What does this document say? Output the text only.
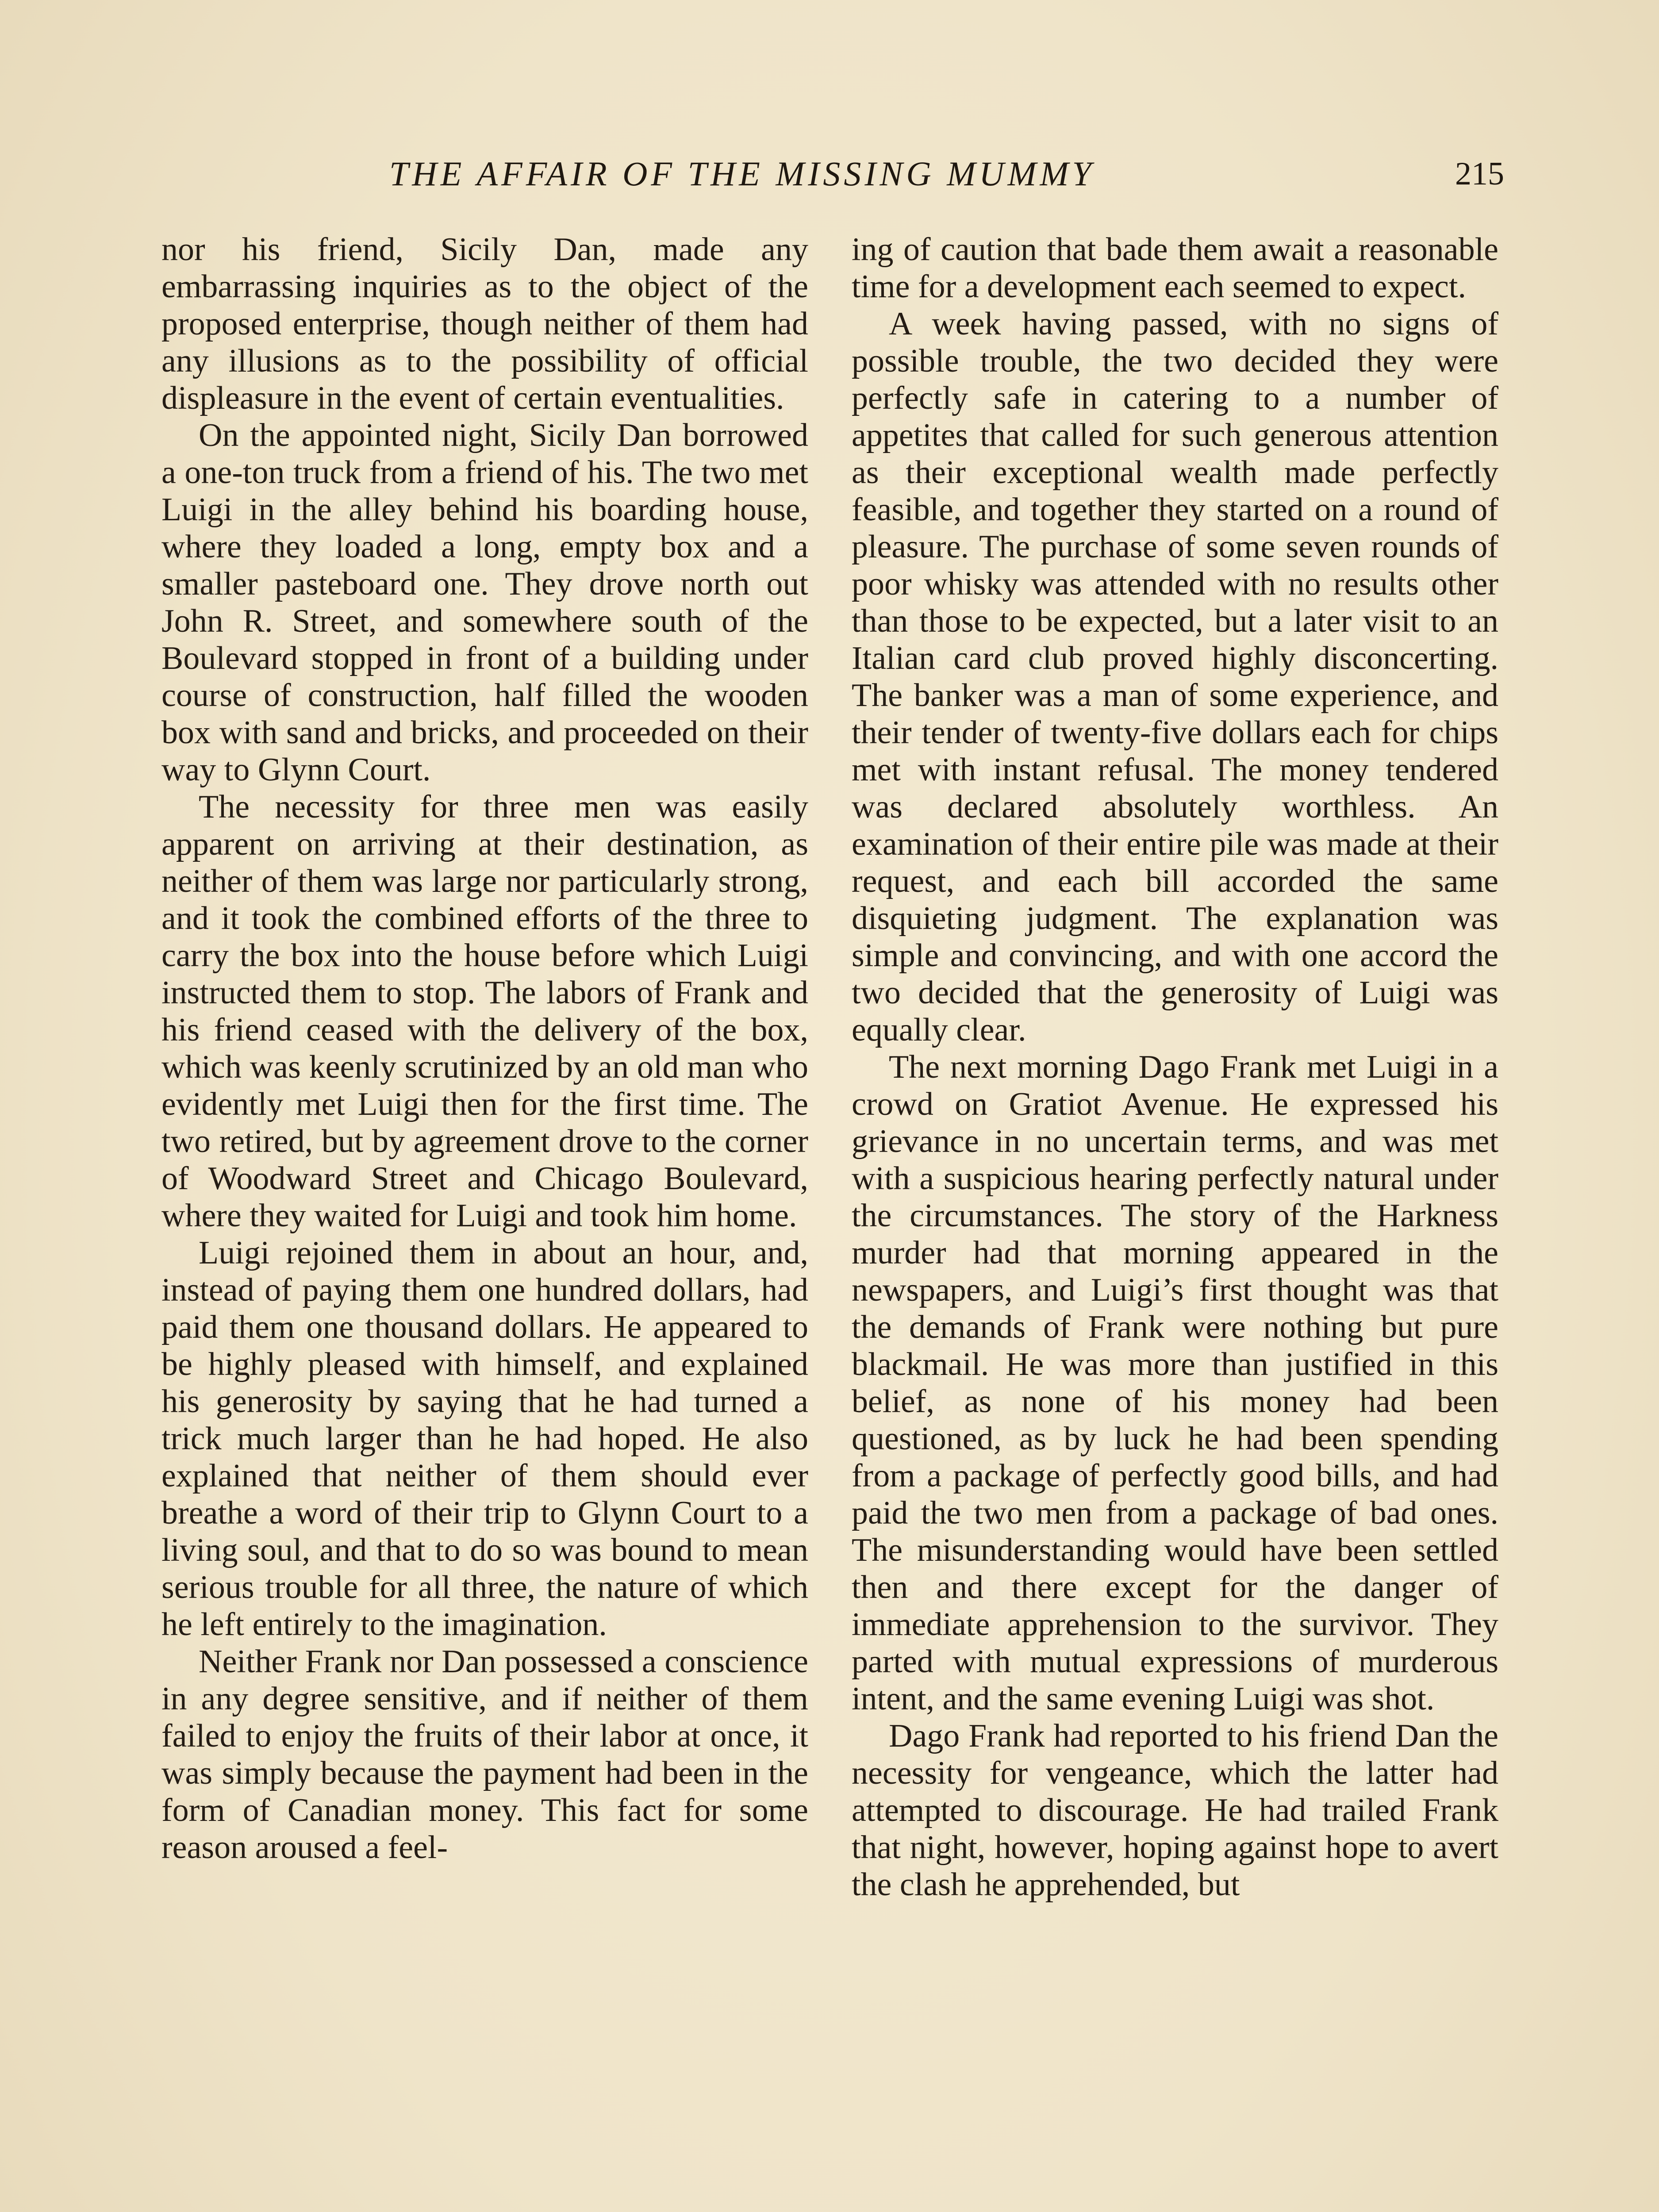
THE AFFAIR OF THE MISSING MUMMY	215

nor his friend, Sicily Dan, made any embarrassing inquiries as to the object of the proposed enterprise, though neither of them had any illusions as to the possibility of official displeasure in the event of certain eventualities.

On the appointed night, Sicily Dan borrowed a one-ton truck from a friend of his. The two met Luigi in the alley behind his boarding house, where they loaded a long, empty box and a smaller pasteboard one. They drove north out John R. Street, and somewhere south of the Boulevard stopped in front of a building under course of construction, half filled the wooden box with sand and bricks, and proceeded on their way to Glynn Court.

The necessity for three men was easily apparent on arriving at their destination, as neither of them was large nor particularly strong, and it took the combined efforts of the three to carry the box into the house before which Luigi instructed them to stop. The labors of Frank and his friend ceased with the delivery of the box, which was keenly scrutinized by an old man who evidently met Luigi then for the first time. The two retired, but by agreement drove to the corner of Woodward Street and Chicago Boulevard, where they waited for Luigi and took him home.

Luigi rejoined them in about an hour, and, instead of paying them one hundred dollars, had paid them one thousand dollars. He appeared to be highly pleased with himself, and explained his generosity by saying that he had turned a trick much larger than he had hoped. He also explained that neither of them should ever breathe a word of their trip to Glynn Court to a living soul, and that to do so was bound to mean serious trouble for all three, the nature of which he left entirely to the imagination.

Neither Frank nor Dan possessed a conscience in any degree sensitive, and if neither of them failed to enjoy the fruits of their labor at once, it was simply because the payment had been in the form of Canadian money. This fact for some reason aroused a feel-

ing of caution that bade them await a reasonable time for a development each seemed to expect.

A week having passed, with no signs of possible trouble, the two decided they were perfectly safe in catering to a number of appetites that called for such generous attention as their exceptional wealth made perfectly feasible, and together they started on a round of pleasure. The purchase of some seven rounds of poor whisky was attended with no results other than those to be expected, but a later visit to an Italian card club proved highly disconcerting. The banker was a man of some experience, and their tender of twenty-five dollars each for chips met with instant refusal. The money tendered was declared absolutely worthless. An examination of their entire pile was made at their request, and each bill accorded the same disquieting judgment. The explanation was simple and convincing, and with one accord the two decided that the generosity of Luigi was equally clear.

The next morning Dago Frank met Luigi in a crowd on Gratiot Avenue. He expressed his grievance in no uncertain terms, and was met with a suspicious hearing perfectly natural under the circumstances. The story of the Harkness murder had that morning appeared in the newspapers, and Luigi’s first thought was that the demands of Frank were nothing but pure blackmail. He was more than justified in this belief, as none of his money had been questioned, as by luck he had been spending from a package of perfectly good bills, and had paid the two men from a package of bad ones. The misunderstanding would have been settled then and there except for the danger of immediate apprehension to the survivor. They parted with mutual expressions of murderous intent, and the same evening Luigi was shot.

Dago Frank had reported to his friend Dan the necessity for vengeance, which the latter had attempted to discourage. He had trailed Frank that night, however, hoping against hope to avert the clash he apprehended, but
